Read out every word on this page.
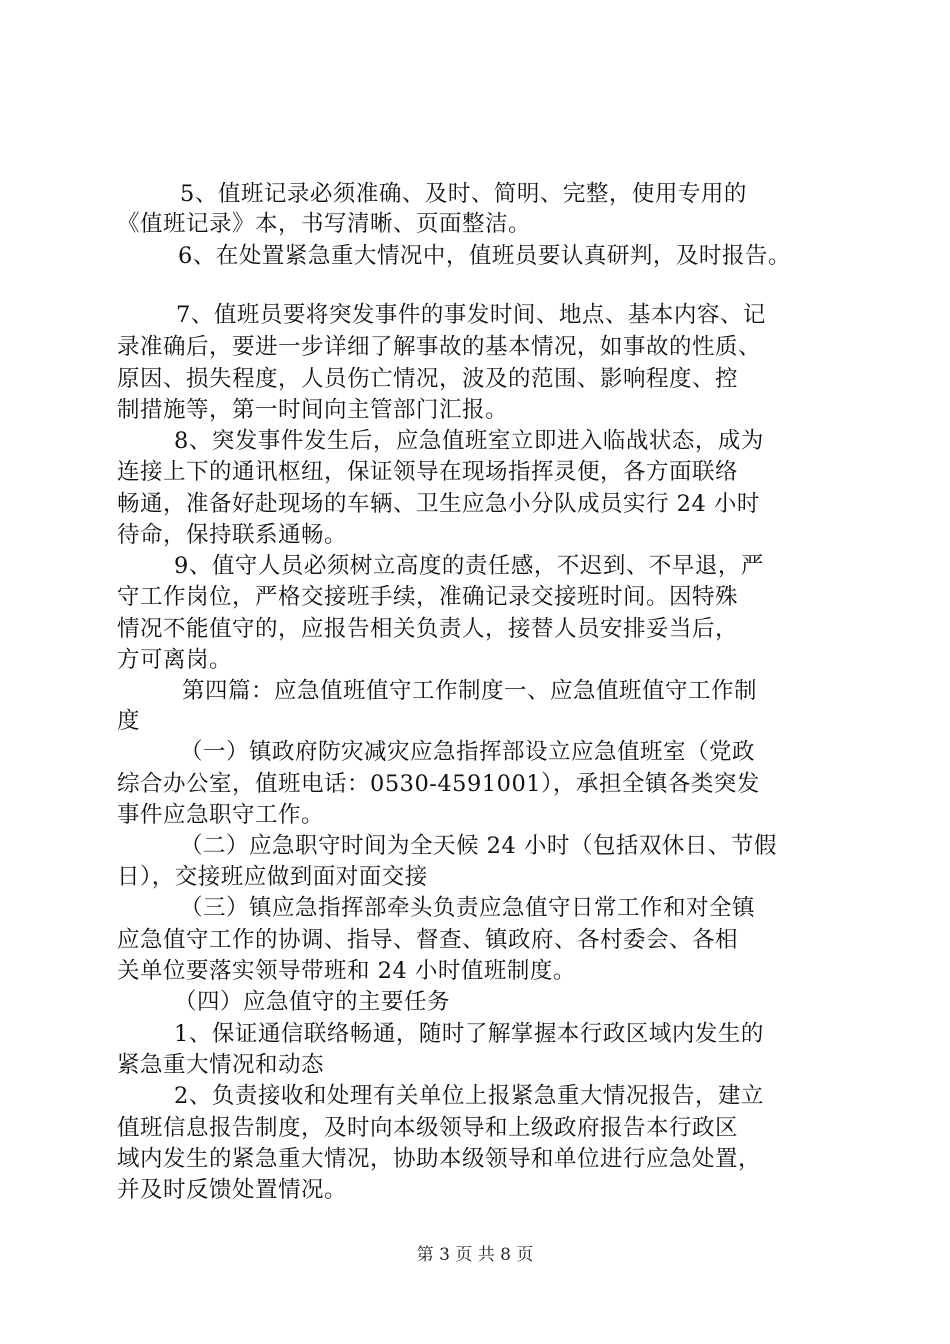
5、值班记录必须准确、及时、简明、完整，使用专用的
《值班记录》本，书写清晰、页面整洁。
6、在处置紧急重大情况中，值班员要认真研判，及时报告。
7、值班员要将突发事件的事发时间、地点、基本内容、记
录准确后，要进一步详细了解事故的基本情况，如事故的性质、
原因、损失程度，人员伤亡情况，波及的范围、影响程度、控
制措施等，第一时间向主管部门汇报。
8、突发事件发生后，应急值班室立即进入临战状态，成为
连接上下的通讯枢纽，保证领导在现场指挥灵便，各方面联络
畅通，准备好赴现场的车辆、卫生应急小分队成员实行 24 小时
待命，保持联系通畅。
9、值守人员必须树立高度的责任感，不迟到、不早退，严
守工作岗位，严格交接班手续，准确记录交接班时间。因特殊
情况不能值守的，应报告相关负责人，接替人员安排妥当后，
方可离岗。
第四篇：应急值班值守工作制度一、应急值班值守工作制
度
（一）镇政府防灾减灾应急指挥部设立应急值班室（党政
综合办公室，值班电话：0530-4591001），承担全镇各类突发
事件应急职守工作。
（二）应急职守时间为全天候 24 小时（包括双休日、节假
日），交接班应做到面对面交接
（三）镇应急指挥部牵头负责应急值守日常工作和对全镇
应急值守工作的协调、指导、督查、镇政府、各村委会、各相
关单位要落实领导带班和 24 小时值班制度。
（四）应急值守的主要任务
1、保证通信联络畅通，随时了解掌握本行政区域内发生的
紧急重大情况和动态
2、负责接收和处理有关单位上报紧急重大情况报告，建立
值班信息报告制度，及时向本级领导和上级政府报告本行政区
域内发生的紧急重大情况，协助本级领导和单位进行应急处置，
并及时反馈处置情况。
第 3 页 共 8 页
